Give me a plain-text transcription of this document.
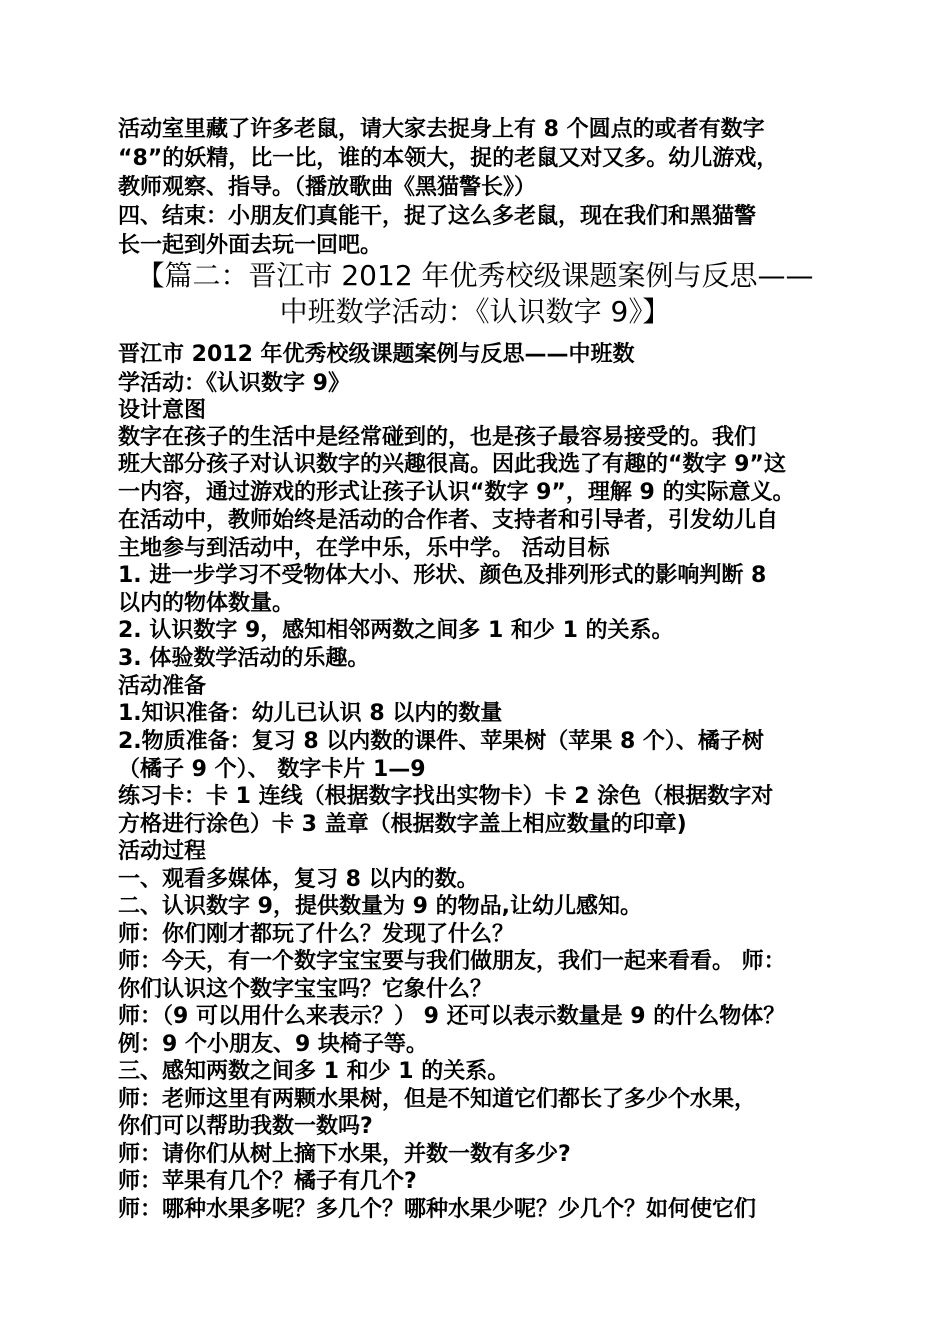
活动室里藏了许多老鼠，请大家去捉身上有 8 个圆点的或者有数字
“8”的妖精，比一比，谁的本领大，捉的老鼠又对又多。幼儿游戏，
教师观察、指导。（播放歌曲《黑猫警长》）
四、结束：小朋友们真能干，捉了这么多老鼠，现在我们和黑猫警
长一起到外面去玩一回吧。
【篇二：晋江市 2012 年优秀校级课题案例与反思——
中班数学活动：《认识数字 9》】
晋江市 2012 年优秀校级课题案例与反思——中班数
学活动：《认识数字 9》
设计意图
数字在孩子的生活中是经常碰到的，也是孩子最容易接受的。我们
班大部分孩子对认识数字的兴趣很高。因此我选了有趣的“数字 9”这
一内容，通过游戏的形式让孩子认识“数字 9”，理解 9 的实际意义。
在活动中，教师始终是活动的合作者、支持者和引导者，引发幼儿自
主地参与到活动中，在学中乐，乐中学。 活动目标
1. 进一步学习不受物体大小、形状、颜色及排列形式的影响判断 8
以内的物体数量。
2. 认识数字 9，感知相邻两数之间多 1 和少 1 的关系。
3. 体验数学活动的乐趣。
活动准备
1.知识准备：幼儿已认识 8 以内的数量
2.物质准备：复习 8 以内数的课件、苹果树（苹果 8 个）、橘子树
（橘子 9 个）、 数字卡片 1—9
练习卡：卡 1 连线（根据数字找出实物卡）卡 2 涂色（根据数字对
方格进行涂色）卡 3 盖章（根据数字盖上相应数量的印章)
活动过程
一、观看多媒体，复习 8 以内的数。
二、认识数字 9，提供数量为 9 的物品,让幼儿感知。
师：你们刚才都玩了什么？发现了什么？
师：今天，有一个数字宝宝要与我们做朋友，我们一起来看看。 师：
你们认识这个数字宝宝吗？它象什么？
师：（9 可以用什么来表示？） 9 还可以表示数量是 9 的什么物体？
例：9 个小朋友、9 块椅子等。
三、感知两数之间多 1 和少 1 的关系。
师：老师这里有两颗水果树，但是不知道它们都长了多少个水果，
你们可以帮助我数一数吗?
师：请你们从树上摘下水果，并数一数有多少?
师：苹果有几个？橘子有几个?
师：哪种水果多呢？多几个？哪种水果少呢？少几个？如何使它们
